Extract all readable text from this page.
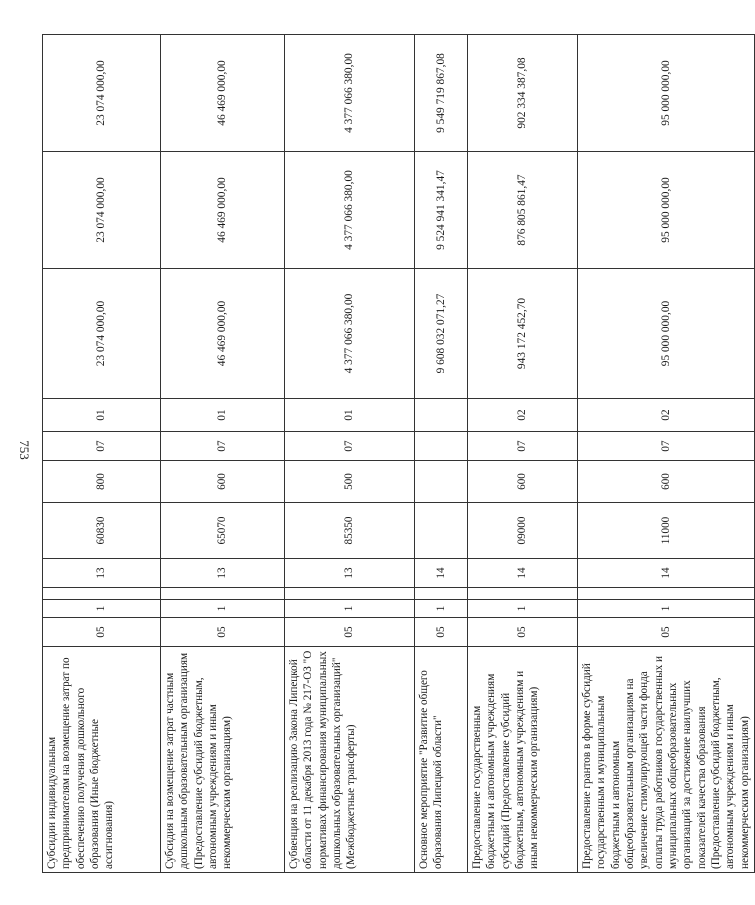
753
Субсидии индивидуальным предпринимателям на возмещение затрат по обеспечению получения дошкольного образования (Иные бюджетные ассигнования)	05	1		13	60830	800	07	01	23 074 000,00	23 074 000,00	23 074 000,00
Субсидия на возмещение затрат частным дошкольным образовательным организациям (Предоставление субсидий бюджетным, автономным учреждениям и иным некоммерческим организациям)	05	1		13	65070	600	07	01	46 469 000,00	46 469 000,00	46 469 000,00
Субвенция на реализацию Закона Липецкой области от 11 декабря 2013 года № 217-ОЗ "О нормативах финансирования муниципальных дошкольных образовательных организаций" (Межбюджетные трансферты)	05	1		13	85350	500	07	01	4 377 066 380,00	4 377 066 380,00	4 377 066 380,00
Основное мероприятие "Развитие общего образования Липецкой области"	05	1		14					9 608 032 071,27	9 524 941 341,47	9 549 719 867,08
Предоставление государственным бюджетным и автономным учреждениям субсидий (Предоставление субсидий бюджетным, автономным учреждениям и иным некоммерческим организациям)	05	1		14	09000	600	07	02	943 172 452,70	876 805 861,47	902 334 387,08
Предоставление грантов в форме субсидий государственным и муниципальным бюджетным и автономным общеобразовательным организациям на увеличение стимулирующей части фонда оплаты труда работников государственных и муниципальных общеобразовательных организаций за достижение наилучших показателей качества образования (Предоставление субсидий бюджетным, автономным учреждениям и иным некоммерческим организациям)	05	1		14	11000	600	07	02	95 000 000,00	95 000 000,00	95 000 000,00
